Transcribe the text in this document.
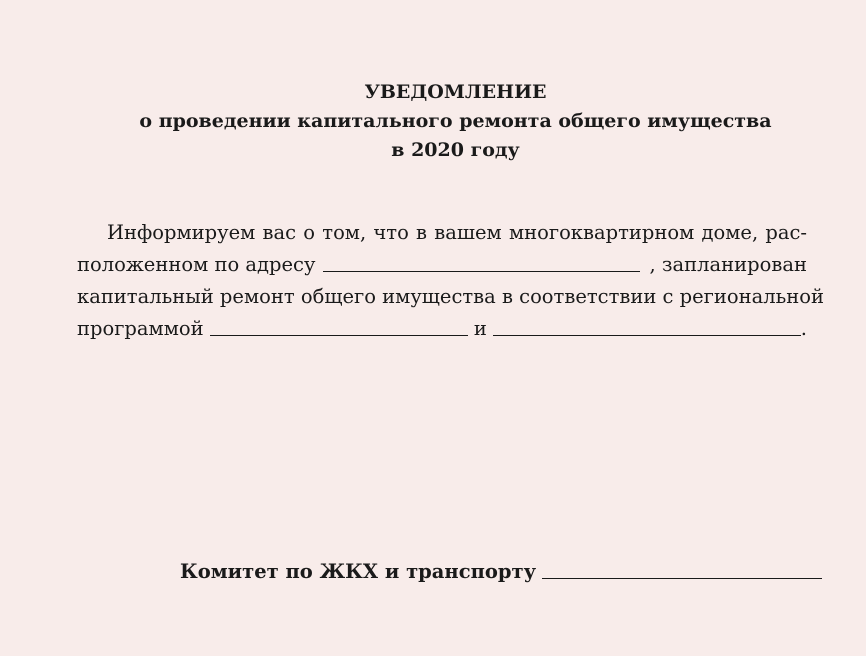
УВЕДОМЛЕНИЕ
о проведении капитального ремонта общего имущества
в 2020 году
Информируем вас о том, что в вашем многоквартирном доме, рас-
положенном по адресу	, запланирован
капитальный ремонт общего имущества в соответствии с региональной
программой	и	.
Комитет по ЖКХ и транспорту
